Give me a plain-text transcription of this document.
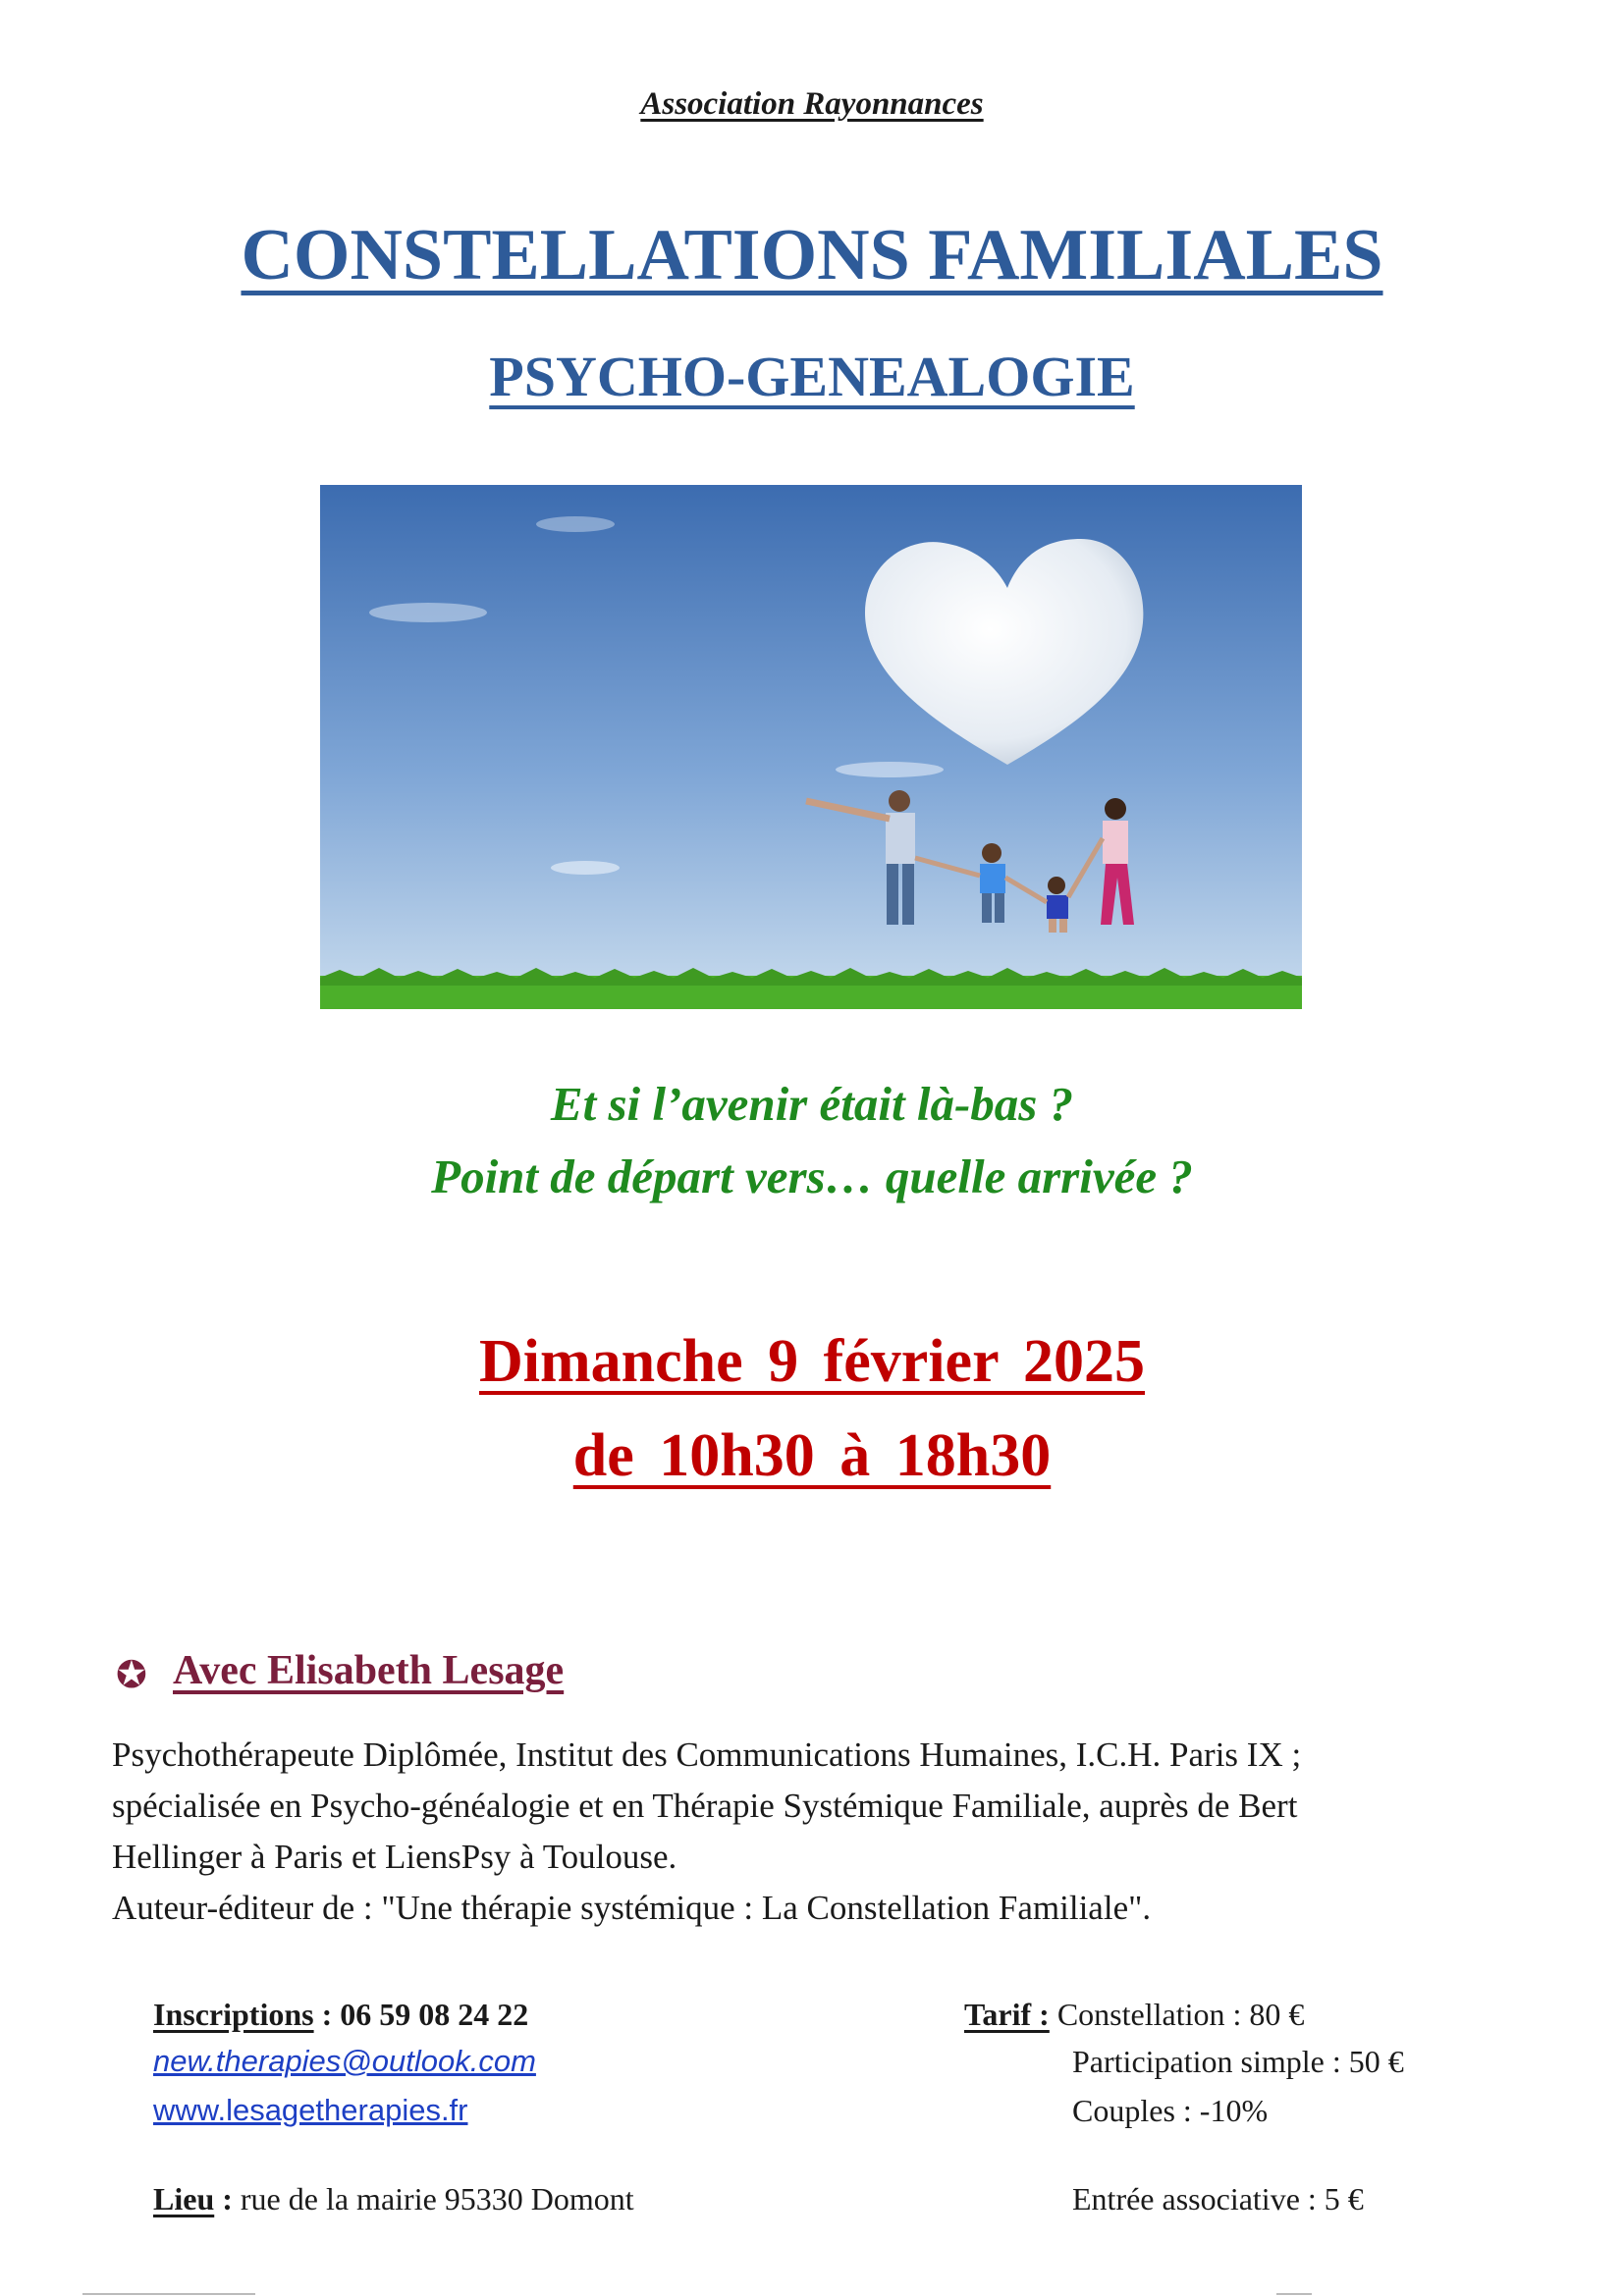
Association Rayonnances
CONSTELLATIONS FAMILIALES
PSYCHO-GENEALOGIE
Et si l’avenir était là-bas ?
Point de départ vers… quelle arrivée ?
Dimanche 9 février 2025
de 10h30 à 18h30
✪ Avec Elisabeth Lesage
Psychothérapeute Diplômée, Institut des Communications Humaines, I.C.H. Paris IX ;
spécialisée en Psycho-généalogie et en Thérapie Systémique Familiale, auprès de Bert
Hellinger à Paris et LiensPsy à Toulouse.
Auteur-éditeur de : "Une thérapie systémique : La Constellation Familiale".
Inscriptions : 06 59 08 24 22
new.therapies@outlook.com
www.lesagetherapies.fr
Lieu : rue de la mairie 95330 Domont
Tarif : Constellation : 80 €
Participation simple : 50 €
Couples : -10%
Entrée associative : 5 €
